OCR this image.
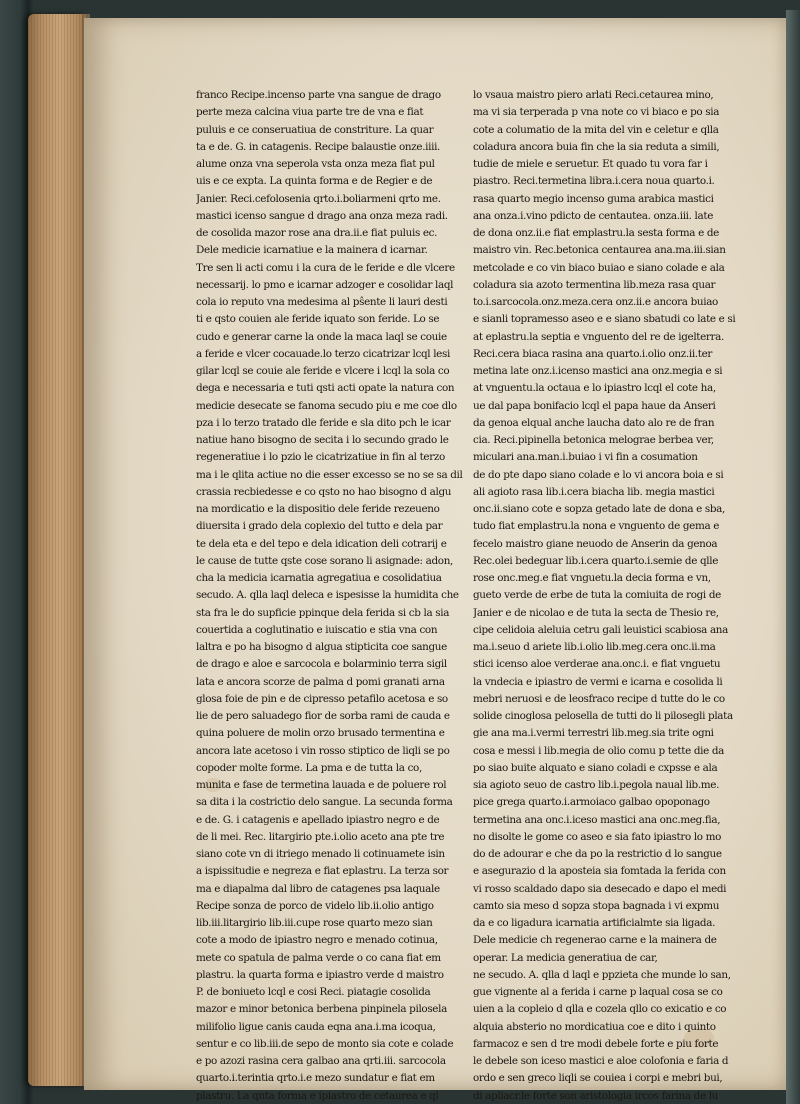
franco Recipe.incenso parte vna sangue de drago
perte meza calcina viua parte tre de vna e fiat
puluis e ce conseruatiua de constriture. La quar
ta e de. G. in catagenis. Recipe balaustie onze.iiii.
alume onza vna seperola vsta onza meza fiat pul
uis e ce expta. La quinta forma e de Regier e de
Janier. Reci.cefolosenia qrto.i.boliarmeni qrto me.
mastici icenso sangue d drago ana onza meza radi.
de cosolida mazor rose ana dra.ii.e fiat puluis ec.
Dele medicie icarnatiue e la mainera d icarnar.
Tre sen li acti comu i la cura de le feride e dle vlcere
necessarij. lo pmo e icarnar adzoger e cosolidar laql
cola io reputo vna medesima al pŝente li lauri desti
ti e qsto couien ale feride iquato son feride. Lo se
cudo e generar carne la onde la maca laql se couie
a feride e vlcer cocauade.lo terzo cicatrizar lcql lesi
gilar lcql se couie ale feride e vlcere i lcql la sola co
dega e necessaria e tuti qsti acti opate la natura con
medicie desecate se fanoma secudo piu e me coe dlo
pza i lo terzo tratado dle feride e sla dito pch le icar
natiue hano bisogno de secita i lo secundo grado le
regeneratiue i lo pzio le cicatrizatiue in fin al terzo
ma i le qlita actiue no die esser excesso se no se sa dil
crassia recbiedesse e co qsto no hao bisogno d algu
na mordicatio e la dispositio dele feride rezeueno
diuersita i grado dela coplexio del tutto e dela par
te dela eta e del tepo e dela idication deli cotrarij e
le cause de tutte qste cose sorano li asignade: adon,
cha la medicia icarnatia agregatiua e cosolidatiua
secudo. A. qlla laql deleca e ispesisse la humidita che
sta fra le do supficie ppinque dela ferida si cb la sia
couertida a coglutinatio e iuiscatio e stia vna con
laltra e po ha bisogno d algua stipticita coe sangue
de drago e aloe e sarcocola e bolarminio terra sigil
lata e ancora scorze de palma d pomi granati arna
glosa foie de pin e de cipresso petafilo acetosa e so
lie de pero saluadego fior de sorba rami de cauda e
quina poluere de molin orzo brusado termentina e
ancora late acetoso i vin rosso stiptico de liqli se po
copoder molte forme. La pma e de tutta la co,
munita e fase de termetina lauada e de poluere rol
sa dita i la costrictio delo sangue. La secunda forma
e de. G. i catagenis e apellado ipiastro negro e de
de li mei. Rec. litargirio pte.i.olio aceto ana pte tre
siano cote vn di itriego menado li cotinuamete isin
a ispissitudie e negreza e fiat eplastru. La terza sor
ma e diapalma dal libro de catagenes psa laquale
Recipe sonza de porco de videlo lib.ii.olio antigo
lib.iii.litargirio lib.iii.cupe rose quarto mezo sian
cote a modo de ipiastro negro e menado cotinua,
mete co spatula de palma verde o co cana fiat em
plastru. la quarta forma e ipiastro verde d maistro
P. de boniueto lcql e cosi Reci. piatagie cosolida
mazor e minor betonica berbena pinpinela pilosela
milifolio ligue canis cauda eqna ana.i.ma icoqua,
sentur e co lib.iii.de sepo de monto sia cote e colade
e po azozi rasina cera galbao ana qrti.iii. sarcocola
quarto.i.terintia qrto.i.e mezo sundatur e fiat em
plastru. La qnta forma e ipiastro de cetaurea e ql
lo vsaua maistro piero arlati Reci.cetaurea mino,
ma vi sia terperada p vna note co vi biaco e po sia
cote a columatio de la mita del vin e celetur e qlla
coladura ancora buia fin che la sia reduta a simili,
tudie de miele e seruetur. Et quado tu vora far i
piastro. Reci.termetina libra.i.cera noua quarto.i.
rasa quarto megio incenso guma arabica mastici
ana onza.i.vino pdicto de centautea. onza.iii. late
de dona onz.ii.e fiat emplastru.la sesta forma e de
maistro vin. Rec.betonica centaurea ana.ma.iii.sian
metcolade e co vin biaco buiao e siano colade e ala
coladura sia azoto termentina lib.meza rasa quar
to.i.sarcocola.onz.meza.cera onz.ii.e ancora buiao
e sianli topramesso aseo e e siano sbatudi co late e si
at eplastru.la septia e vnguento del re de igelterra.
Reci.cera biaca rasina ana quarto.i.olio onz.ii.ter
metina late onz.i.icenso mastici ana onz.megia e si
at vnguentu.la octaua e lo ipiastro lcql el cote ha,
ue dal papa bonifacio lcql el papa haue da Anseri
da genoa elqual anche laucha dato alo re de fran
cia. Reci.pipinella betonica melograe berbea ver,
miculari ana.man.i.buiao i vi fin a cosumation
de do pte dapo siano colade e lo vi ancora boia e si
ali agioto rasa lib.i.cera biacha lib. megia mastici
onc.ii.siano cote e sopza getado late de dona e sba,
tudo fiat emplastru.la nona e vnguento de gema e
fecelo maistro giane neuodo de Anserin da genoa
Rec.olei bedeguar lib.i.cera quarto.i.semie de qlle
rose onc.meg.e fiat vnguetu.la decia forma e vn,
gueto verde de erbe de tuta la comiuita de rogi de
Janier e de nicolao e de tuta la secta de Thesio re,
cipe celidoia aleluia cetru gali leuistici scabiosa ana
ma.i.seuo d ariete lib.i.olio lib.meg.cera onc.ii.ma
stici icenso aloe verderae ana.onc.i. e fiat vnguetu
la vndecia e ipiastro de vermi e icarna e cosolida li
mebri neruosi e de leosfraco recipe d tutte do le co
solide cinoglosa pelosella de tutti do li pilosegli plata
gie ana ma.i.vermi terrestri lib.meg.sia trite ogni
cosa e messi i lib.megia de olio comu p tette die da
po siao buite alquato e siano coladi e cxpsse e ala
sia agioto seuo de castro lib.i.pegola naual lib.me.
pice grega quarto.i.armoiaco galbao opoponago
termetina ana onc.i.iceso mastici ana onc.meg.fia,
no disolte le gome co aseo e sia fato ipiastro lo mo
do de adourar e che da po la restrictio d lo sangue
e asegurazio d la aposteia sia fomtada la ferida con
vi rosso scaldado dapo sia desecado e dapo el medi
camto sia meso d sopza stopa bagnada i vi expmu
da e co ligadura icarnatia artificialmte sia ligada.
Dele medicie ch regenerao carne e la mainera de
operar. La medicia generatiua de car,
ne secudo. A. qlla d laql e ppzieta che munde lo san,
gue vignente al a ferida i carne p laqual cosa se co
uien a la copleio d qlla e cozela qllo co exicatio e co
alquia absterio no mordicatiua coe e dito i quinto
farmacoz e sen d tre modi debele forte e piu forte
le debele son iceso mastici e aloe colofonia e faria d
ordo e sen greco liqli se couiea i corpi e mebri bui,
di apliacr.le forte son aristologia ircos farina de lu
